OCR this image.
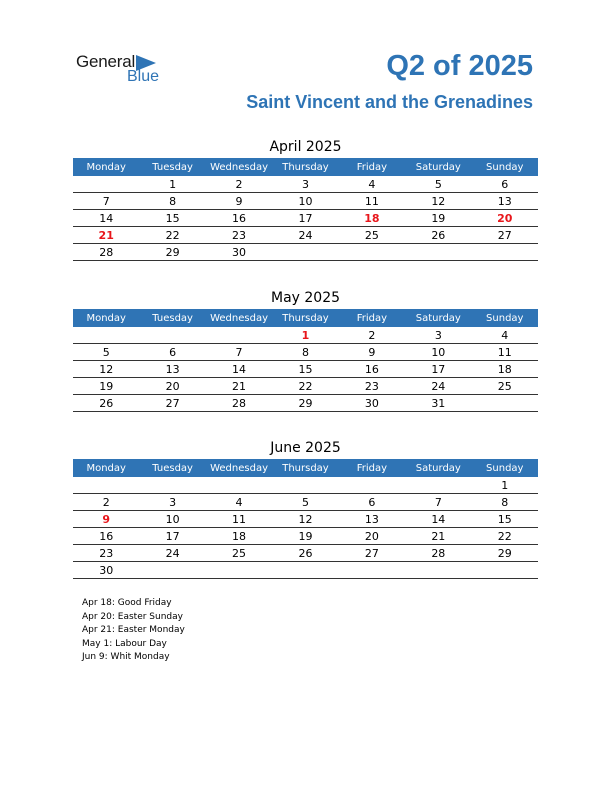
General
Blue	Q2 of 2025
Saint Vincent and the Grenadines
April 2025
Monday	Tuesday	Wednesday	Thursday	Friday	Saturday	Sunday
	1	2	3	4	5	6
7	8	9	10	11	12	13
14	15	16	17	18	19	20
21	22	23	24	25	26	27
28	29	30				
May 2025
Monday	Tuesday	Wednesday	Thursday	Friday	Saturday	Sunday
			1	2	3	4
5	6	7	8	9	10	11
12	13	14	15	16	17	18
19	20	21	22	23	24	25
26	27	28	29	30	31	
June 2025
Monday	Tuesday	Wednesday	Thursday	Friday	Saturday	Sunday
						1
2	3	4	5	6	7	8
9	10	11	12	13	14	15
16	17	18	19	20	21	22
23	24	25	26	27	28	29
30						
Apr 18: Good Friday
Apr 20: Easter Sunday
Apr 21: Easter Monday
May 1: Labour Day
Jun 9: Whit Monday
